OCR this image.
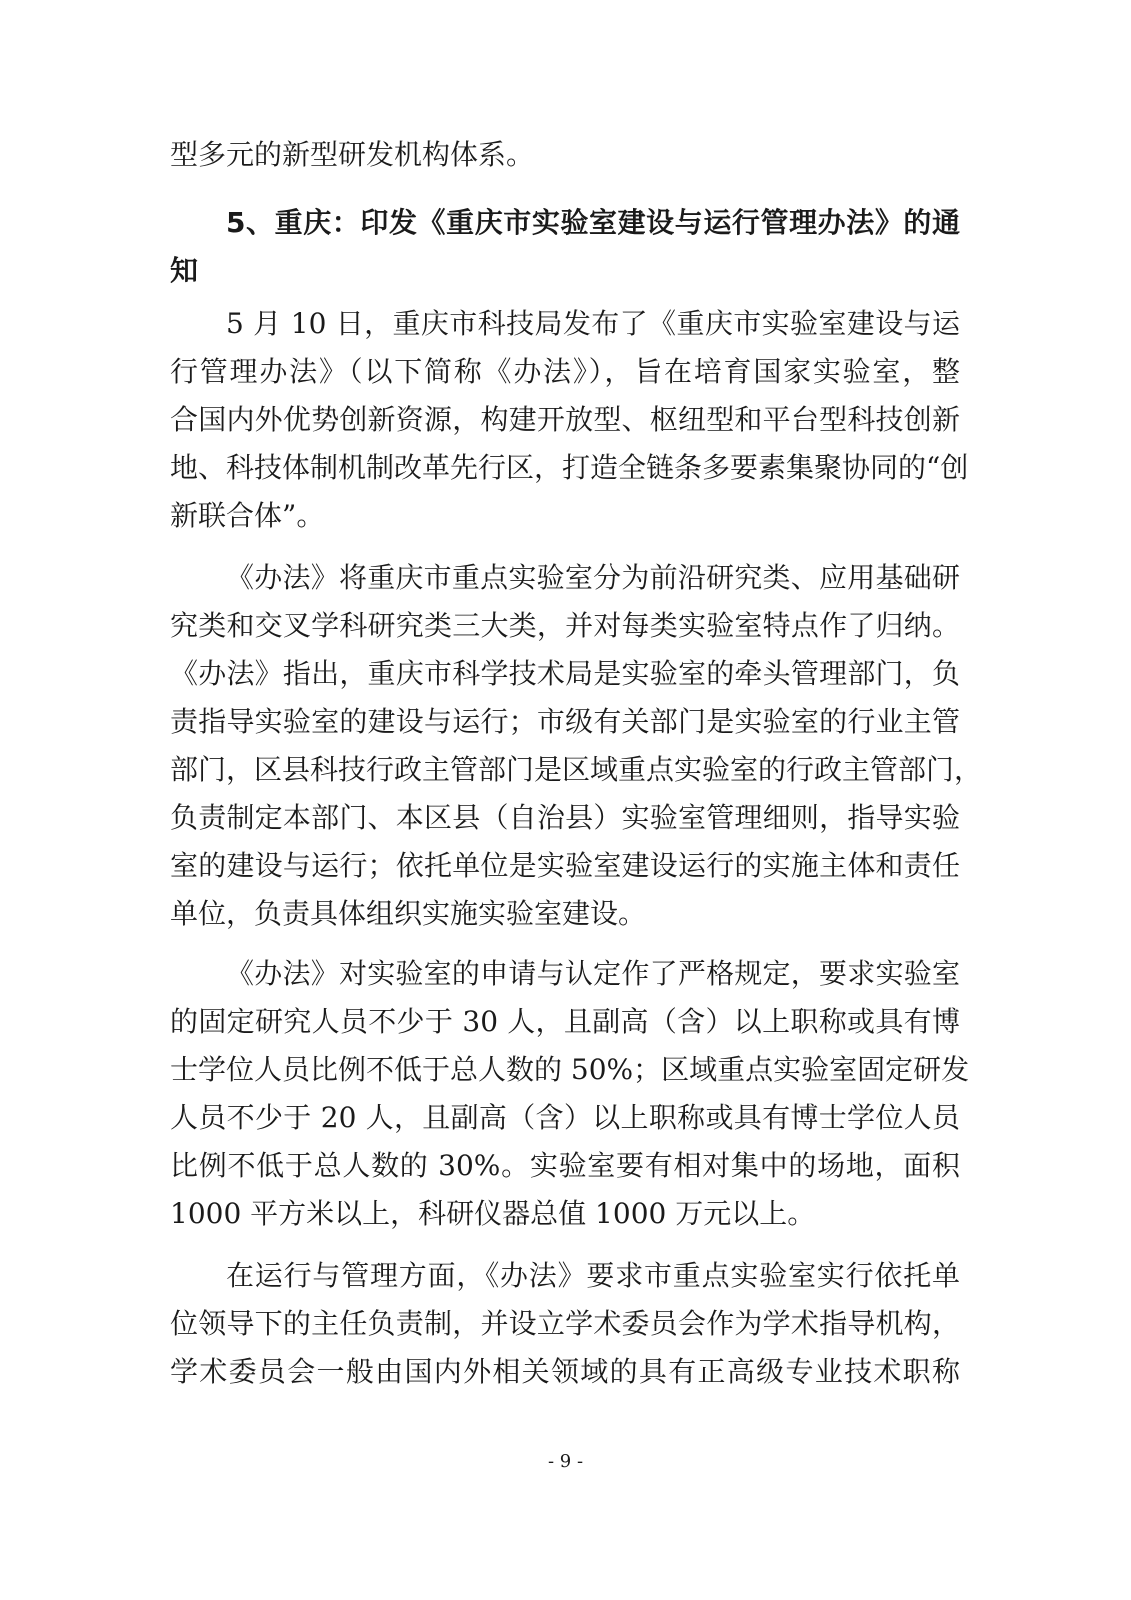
型多元的新型研发机构体系。

5、重庆：印发《重庆市实验室建设与运行管理办法》的通

知

5 月 10 日，重庆市科技局发布了《重庆市实验室建设与运

行管理办法》（以下简称《办法》），旨在培育国家实验室，整

合国内外优势创新资源，构建开放型、枢纽型和平台型科技创新

地、科技体制机制改革先行区，打造全链条多要素集聚协同的“创

新联合体”。

《办法》将重庆市重点实验室分为前沿研究类、应用基础研

究类和交叉学科研究类三大类，并对每类实验室特点作了归纳。

《办法》指出，重庆市科学技术局是实验室的牵头管理部门，负

责指导实验室的建设与运行；市级有关部门是实验室的行业主管

部门，区县科技行政主管部门是区域重点实验室的行政主管部门，

负责制定本部门、本区县（自治县）实验室管理细则，指导实验

室的建设与运行；依托单位是实验室建设运行的实施主体和责任

单位，负责具体组织实施实验室建设。

《办法》对实验室的申请与认定作了严格规定，要求实验室

的固定研究人员不少于 30 人，且副高（含）以上职称或具有博

士学位人员比例不低于总人数的 50%；区域重点实验室固定研发

人员不少于 20 人，且副高（含）以上职称或具有博士学位人员

比例不低于总人数的 30%。实验室要有相对集中的场地，面积

1000 平方米以上，科研仪器总值 1000 万元以上。

在运行与管理方面，《办法》要求市重点实验室实行依托单

位领导下的主任负责制，并设立学术委员会作为学术指导机构，

学术委员会一般由国内外相关领域的具有正高级专业技术职称

- 9 -
